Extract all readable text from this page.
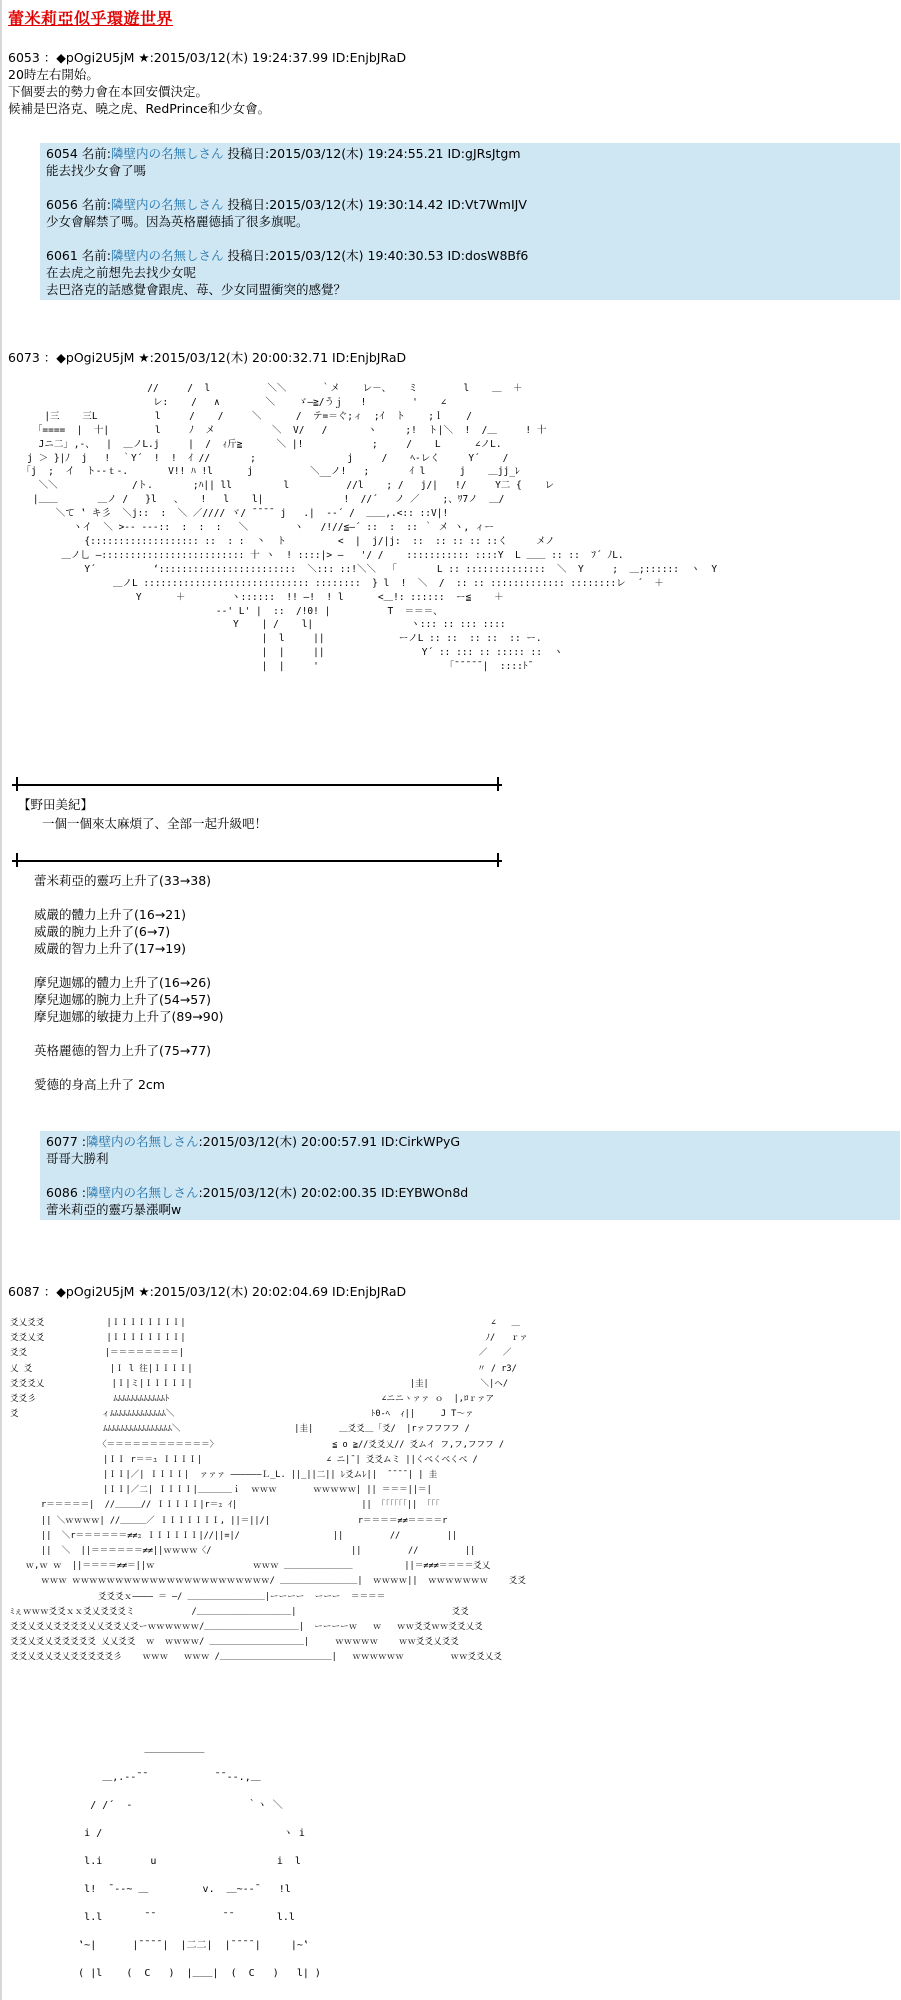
蕾米莉亞似乎環遊世界
6053 ：◆pOgi2U5jM ★:2015/03/12(木) 19:24:37.99 ID:EnjbJRaD
20時左右開始。
下個要去的勢力會在本回安價決定。
候補是巴洛克、曉之虎、RedPrince和少女會。
6054 名前:隣壁内の名無しさん 投稿日:2015/03/12(木) 19:24:55.21 ID:gJRsJtgm
能去找少女會了嗎
6056 名前:隣壁内の名無しさん 投稿日:2015/03/12(木) 19:30:14.42 ID:Vt7WmIJV
少女會解禁了嗎。因為英格麗德插了很多旗呢。
6061 名前:隣壁内の名無しさん 投稿日:2015/03/12(木) 19:40:30.53 ID:dosW8Bf6
在去虎之前想先去找少女呢
去巴洛克的話感覺會跟虎、苺、少女同盟衝突的感覺？
6073 ：◆pOgi2U5jM ★:2015/03/12(木) 20:00:32.71 ID:EnjbJRaD
//     /  l          ＼＼      ｀メ    レ－、   ミ        l    ＿  ＋
レ:    /   ∧        ＼    ゞ―≧/うｊ   !        '    ∠
|三    三L          l     /    /     ＼      /  テ=＝ぐ;ィ  ;ｲ  ト    ;ｌ    /
「====  |  十|        l     ﾉ  メ          ＼  V/   /       ヽ     ;!  ト|＼  !  /＿     ! 十
Jニ二｣ ,-、  |  ＿ノL.j     |  /  ｨ斤≧      ＼ |!            ;     /    L      ∠ノL.
j ＞ }|ﾉ  j   !  ｀Y´  !  !  ｲ //       ;                j     /    ﾍ-レく     Y´    /
「j  ;  イ  ト-‐ｔ-.       V!! ﾊ !l      j          ＼__ノ!   ;       ｲ l      j    ＿jj_ﾚ
＼＼             /ト.       ;ﾊ|| ll         l          //l    ; /   j/|   !/     Y二 {    レ
|＿＿       ＿ノ /   }l   、   !   l    l|              !  //´   ノ ／    ;、ﾜ7ノ  ＿/
＼て ‛ キ彡  ＼j::  :  ＼ ／//// ヾ/ ¯¯¯¯ j   .|  -‐´ /  ＿＿,.<:: ::V|!
ヽイ  ＼ >‐‐ ‐‐‐::  :  :  :   ＼        ヽ   /!//≦―´ ::  :  :: ｀ メ ヽ, ィー
{::::::::::::::::::: ::  : :  丶  ト         <  |  j/|j:  ::  :: :: :: ::く     メノ
＿ノ乚 ―::::::::::::::::::::::::: 十 ヽ  ! ::::|> ―   '/ /    ::::::::::: ::::Y  L ＿＿ :: ::  ﾌ´ ﾉL.
Y´          ‘::::::::::::::::::::::::  ＼::: ::!＼＼  「       L :: ::::::::::::::  ＼  Y     ;  ＿;::::::  ヽ  Y
＿ノL ::::::::::::::::::::::::::::: ::::::::  } l  !  ＼  /  :: :: ::::::::::::: ::::::::レ  ´  ＋
Y      ＋        ヽ::::::  !! ―!  ! l      <＿!: ::::::  ー≦    ＋
‐‐' L' |  ::  /!0! |          T  ＝＝＝、
Y    | /    l|                 ヽ::: :: ::: ::::
|  l     ||             ーノL :: ::  :: ::  :: ー.
|  |     ||                 Y´ :: ::: :: ::::: ::  ヽ
|  |     '                      「¯¯¯¯¯|  ::::ﾄ¯
【野田美紀】
一個一個來太麻煩了、全部一起升級吧！
蕾米莉亞的靈巧上升了(33→38)
威嚴的體力上升了(16→21)
威嚴的腕力上升了(6→7)
威嚴的智力上升了(17→19)
摩兒迦娜的體力上升了(16→26)
摩兒迦娜的腕力上升了(54→57)
摩兒迦娜的敏捷力上升了(89→90)
英格麗德的智力上升了(75→77)
愛德的身高上升了 2cm
6077 :隣壁内の名無しさん:2015/03/12(木) 20:00:57.91 ID:CirkWPyG
哥哥大勝利
6086 :隣壁内の名無しさん:2015/03/12(木) 20:02:00.35 ID:EYBWOn8d
蕾米莉亞的靈巧暴漲啊w
6087 ：◆pOgi2U5jM ★:2015/03/12(木) 20:02:04.69 ID:EnjbJRaD
爻乂爻爻            |ＩＩＩＩＩＩＩＩ|                                                           ∠   ＿
爻爻乂爻            |ＩＩＩＩＩＩＩＩ|                                                          ﾉ/   ｒァ
爻爻               |＝＝＝＝＝＝＝＝|                                                         ／   ／
乂 爻               |Ｉ l 往|ＩＩＩＩ|                                                       〃 / r3/
爻爻爻乂             |Ｉ|ミ|ＩＩＩＩＩ|                                          |圭|          ＼|ヘ/
爻爻彡               ﾑﾑﾑﾑﾑﾑﾑﾑﾑﾑﾑﾑﾄ                                         ∠ニニヽァァ ｏ  |,ﾛｒァア
爻                ィﾑﾑﾑﾑﾑﾑﾑﾑﾑﾑﾑﾑﾑ＼                                      ﾄ0-ﾍ  ｨ||     J T～ァ
ﾑﾑﾑﾑﾑﾑﾑﾑﾑﾑﾑﾑﾑﾑﾑﾑ＼                      |圭|     ＿爻爻＿「爻/  |rァフフフフ /
〈＝＝＝＝＝＝＝＝＝＝＝＝〉                      ≦ o ≧//爻爻乂// 爻ムイ フ,フ,フフフ /
|ＩＩ r＝＝ｭ ＩＩＩＩ|                        ∠ ニ|¯| 爻爻ムミ ||くべくべくべ /
|ＩＩ|／| ＩＩＩＩ|  ァァァ ――――――Ｌ_L. ||_||二|| ﾚ爻ムﾚ||  ¯¯¯¯| | 圭
|ＩＩ|／二| ＩＩＩＩ|＿＿＿＿ｉ  ｗｗｗ       ｗｗｗｗｗ| || ＝＝＝||＝|
r＝＝＝＝＝|  //＿＿＿// ＩＩＩＩＩ|r＝ｭ ｲ|                        || 「「「「「「|| 「「「
|| ＼ｗｗｗｗ| //＿＿＿／ ＩＩＩＩＩＩＩ, ||＝||/|                 r＝＝＝＝≠≠＝＝＝＝r
||  ＼r＝＝＝＝＝＝≠≠ｭ ＩＩＩＩＩＩ|//||=|/                  ||         //         ||
||  ＼  ||＝＝＝＝＝＝≠≠||ｗｗｗｗ〈/                           ||         //         ||
ｗ,ｗ ｗ  ||＝＝＝＝≠≠＝||ｗ                   ｗｗｗ ＿＿＿＿＿＿＿＿          ||＝≠≠≠＝＝＝＝爻乂
ｗｗｗ ｗｗｗｗｗｗｗｗｗｗｗｗｗｗｗｗｗｗｗｗｗｗｗ/ ＿＿＿＿＿＿＿＿＿|  ｗｗｗｗ||  ｗｗｗｗｗｗｗ    爻爻
爻爻爻ｘ―――― ＝ ―/ ＿＿＿＿＿＿＿＿＿|ーーーー  ーーー  ＝＝＝＝
ﾐぇｗｗｗ爻爻ｘｘ爻乂爻爻爻ミ           /＿＿＿＿＿＿＿＿＿＿＿|                              爻爻
爻爻乂爻乂爻爻爻爻乂乂爻爻乂爻ーｗｗｗｗｗｗ/＿＿＿＿＿＿＿＿＿＿＿|  ーーーーｗ   ｗ   ｗｗ爻爻ｗｗ爻爻乂爻
爻爻乂爻乂爻爻爻爻爻 乂乂爻爻  ｗ  ｗｗｗｗ/ ＿＿＿＿＿＿＿＿＿＿＿|     ｗｗｗｗｗ    ｗｗ爻爻乂爻爻
爻爻乂爻乂爻乂爻爻爻爻爻彡    ｗｗｗ   ｗｗｗ /＿＿＿＿＿＿＿＿＿＿＿＿＿|   ｗｗｗｗｗｗ         ｗｗ爻爻乂爻
＿＿＿＿＿＿
＿,.-‐¯¯           ¯¯‐-.,＿
/ /´  ‐                   ｀ヽ ＼
i /                              ヽ i
l.i        u                    i  l
l!  ¯‐‐~ ＿         v.  ＿~‐‐¯   !l
l.l       ¯¯           ¯¯       l.l
‛~|      |¯¯¯¯|  |二二|  |¯¯¯¯|     |~‛
( |l    (  C   )  |＿＿|  (  C   )   l| )
